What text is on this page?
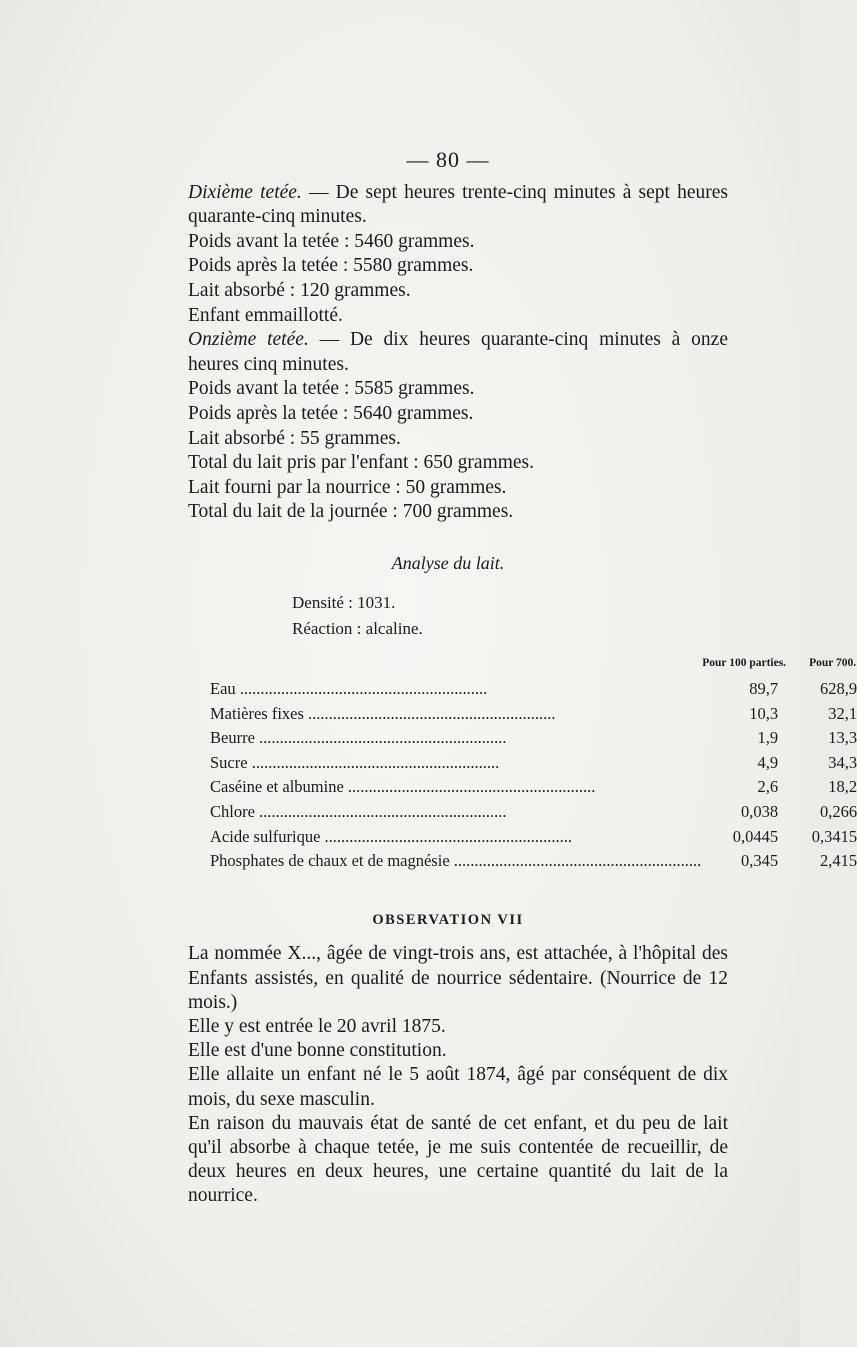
— 80 —

Dixième tetée. — De sept heures trente-cinq minutes à sept heures quarante-cinq minutes.

Poids avant la tetée : 5460 grammes.

Poids après la tetée : 5580 grammes.

Lait absorbé : 120 grammes.

Enfant emmaillotté.

Onzième tetée. — De dix heures quarante-cinq minutes à onze heures cinq minutes.

Poids avant la tetée : 5585 grammes.

Poids après la tetée : 5640 grammes.

Lait absorbé : 55 grammes.

Total du lait pris par l'enfant : 650 grammes.

Lait fourni par la nourrice : 50 grammes.

Total du lait de la journée : 700 grammes.

Analyse du lait.
Densité : 1031.
Réaction : alcaline.
	Pour 100 parties.	Pour 700.
Eau ............................................................	89,7	628,9
Matières fixes ............................................................	10,3	32,1
Beurre ............................................................	1,9	13,3
Sucre ............................................................	4,9	34,3
Caséine et albumine ............................................................	2,6	18,2
Chlore ............................................................	0,038	0,266
Acide sulfurique ............................................................	0,0445	0,3415
Phosphates de chaux et de magnésie ............................................................	0,345	2,415
OBSERVATION VII

La nommée X..., âgée de vingt-trois ans, est attachée, à l'hôpital des Enfants assistés, en qualité de nourrice sédentaire. (Nourrice de 12 mois.)

Elle y est entrée le 20 avril 1875.

Elle est d'une bonne constitution.

Elle allaite un enfant né le 5 août 1874, âgé par conséquent de dix mois, du sexe masculin.

En raison du mauvais état de santé de cet enfant, et du peu de lait qu'il absorbe à chaque tetée, je me suis contentée de recueillir, de deux heures en deux heures, une certaine quantité du lait de la nourrice.
